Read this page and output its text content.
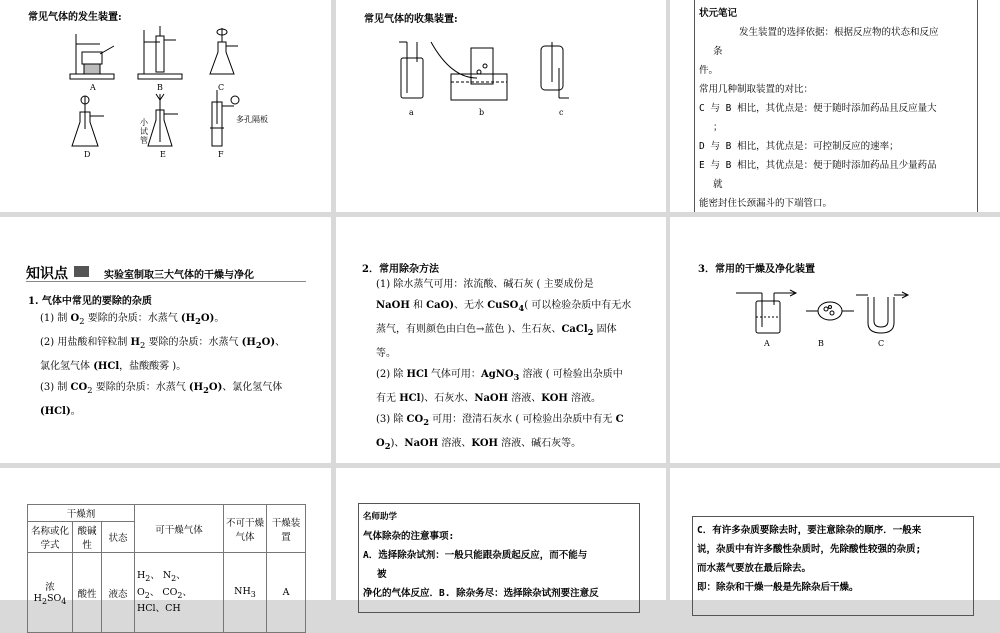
常见气体的发生装置:
A	B	C
D	E	F
小试管
多孔隔板
常见气体的收集装置:
a	b	c
状元笔记
发生装置的选择依据：根据反应物的状态和反应
条
件。
常用几种制取装置的对比：
C 与 B 相比，其优点是：便于随时添加药品且反应量大
；
D 与 B 相比，其优点是：可控制反应的速率；
E 与 B 相比，其优点是：便于随时添加药品且少量药品
就
能密封住长颈漏斗的下端管口。
知识点	实验室制取三大气体的干燥与净化
1. 气体中常见的要除的杂质
(1) 制 $O_2$ 要除的杂质：水蒸气 $(H_2O)$。
(2) 用盐酸和锌粒制 $H_2$ 要除的杂质：水蒸气 $(H_2O)$、
氯化氢气体 (HCl，盐酸酸雾 )。
(3) 制 $CO_2$ 要除的杂质：水蒸气 $(H_2O)$、氯化氢气体
(HCl)。
2．常用除杂方法
(1) 除水蒸气可用：浓流酸、碱石灰 ( 主要成份是
NaOH 和 CaO)、无水 CuSO$_4$( 可以检验杂质中有无水
蒸气，有则颜色由白色→蓝色 )、生石灰、CaCl$_2$ 固体
等。
(2) 除 HCl 气体可用：AgNO$_3$ 溶液 ( 可检验出杂质中
有无 HCl)、石灰水、NaOH 溶液、KOH 溶液。
(3) 除 $CO_2$ 可用：澄清石灰水 ( 可检验出杂质中有无 C
$O_2$)、NaOH 溶液、KOH 溶液、碱石灰等。
3．常用的干燥及净化装置
A	B	C
干燥剂			可干燥气体	不可干燥气体	干燥装置
名称或化学式	酸碱性	状态			
浓 $H_2SO_4$	酸性	液态	$H_2$、 $N_2$、
$O_2$、 $CO_2$、
HCl、CH	$NH_3$	A
名师助学
气体除杂的注意事项:
A．选择除杂试剂：一般只能跟杂质起反应，而不能与
被
净化的气体反应．B. 除杂务尽：选择除杂试剂要注意反
C．有许多杂质要除去时，要注意除杂的顺序．一般来
说，杂质中有许多酸性杂质时，先除酸性较强的杂质;
而水蒸气要放在最后除去。
即：除杂和干燥一般是先除杂后干燥。
